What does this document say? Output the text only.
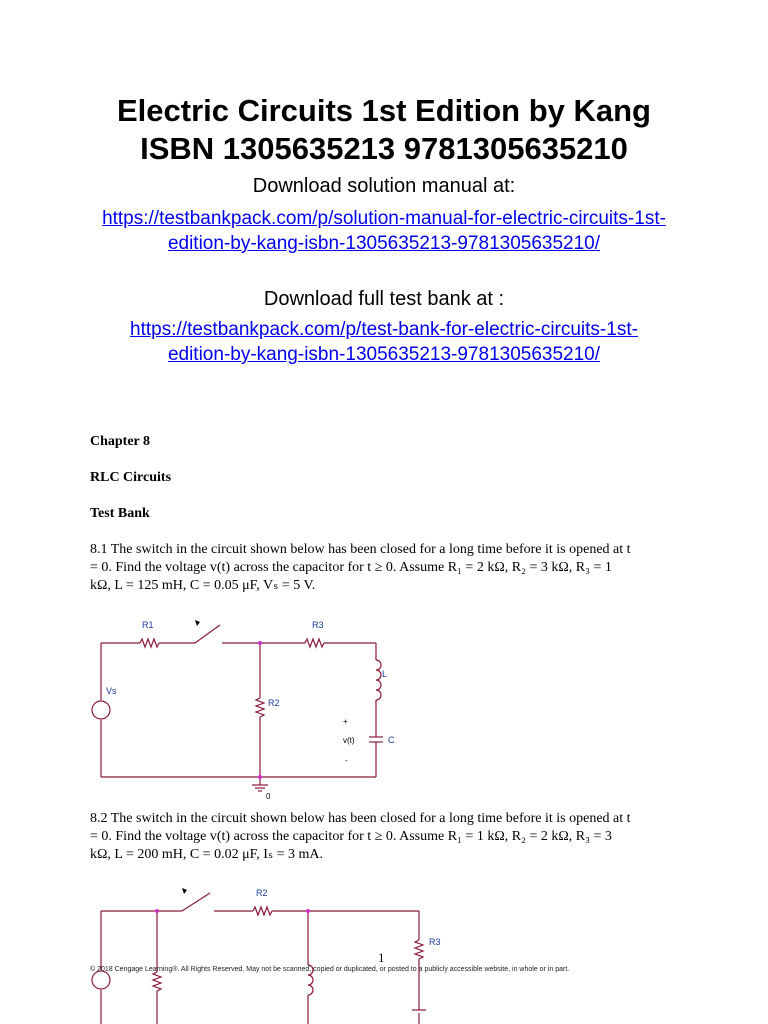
Electric Circuits 1st Edition by Kang
ISBN 1305635213 9781305635210
Download solution manual at:
https://testbankpack.com/p/solution-manual-for-electric-circuits-1st-
edition-by-kang-isbn-1305635213-9781305635210/
Download full test bank at :
https://testbankpack.com/p/test-bank-for-electric-circuits-1st-
edition-by-kang-isbn-1305635213-9781305635210/
Chapter 8
RLC Circuits
Test Bank
8.1 The switch in the circuit shown below has been closed for a long time before it is opened at t
= 0. Find the voltage v(t) across the capacitor for t ≥ 0. Assume R₁ = 2 kΩ, R₂ = 3 kΩ, R₃ = 1
kΩ, L = 125 mH, C = 0.05 μF, Vₛ = 5 V.
R1	R3
L
Vs
R2
C
+
v(t)
-
0
8.2 The switch in the circuit shown below has been closed for a long time before it is opened at t
= 0. Find the voltage v(t) across the capacitor for t ≥ 0. Assume R₁ = 1 kΩ, R₂ = 2 kΩ, R₃ = 3
kΩ, L = 200 mH, C = 0.02 μF, Iₛ = 3 mA.
R2
R3
1
© 2018 Cengage Learning®. All Rights Reserved. May not be scanned, copied or duplicated, or posted to a publicly accessible website, in whole or in part.
